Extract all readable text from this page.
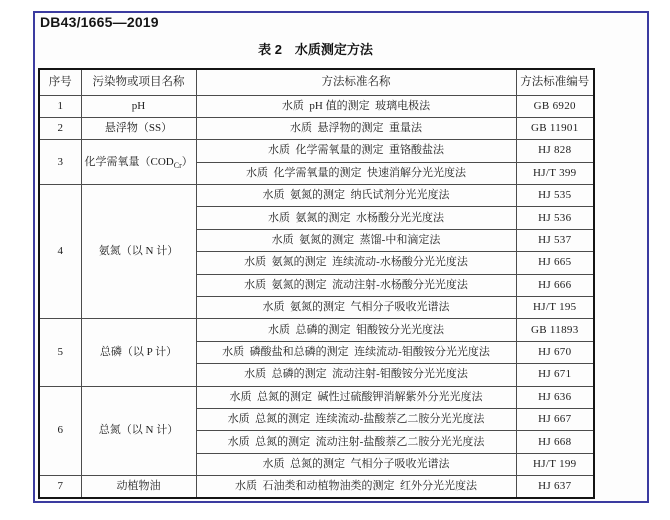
DB43/1665—2019
表 2　水质测定方法
序号	污染物或项目名称	方法标准名称	方法标准编号
1	pH	水质  pH 值的测定  玻璃电极法	GB 6920
2	悬浮物（SS）	水质  悬浮物的测定  重量法	GB 11901
3	化学需氧量$(COD_{Cr})$	水质  化学需氧量的测定  重铬酸盐法	HJ 828
		水质  化学需氧量的测定  快速消解分光光度法	HJ/T 399
4	氨氮（以 N 计）	水质  氨氮的测定  纳氏试剂分光光度法	HJ 535
		水质  氨氮的测定  水杨酸分光光度法	HJ 536
		水质  氨氮的测定  蒸馏-中和滴定法	HJ 537
		水质  氨氮的测定  连续流动-水杨酸分光光度法	HJ 665
		水质  氨氮的测定  流动注射-水杨酸分光光度法	HJ 666
		水质  氨氮的测定  气相分子吸收光谱法	HJ/T 195
5	总磷（以 P 计）	水质  总磷的测定  钼酸铵分光光度法	GB 11893
		水质  磷酸盐和总磷的测定  连续流动-钼酸铵分光光度法	HJ 670
		水质  总磷的测定  流动注射-钼酸铵分光光度法	HJ 671
6	总氮（以 N 计）	水质  总氮的测定  碱性过硫酸钾消解紫外分光光度法	HJ 636
		水质  总氮的测定  连续流动-盐酸萘乙二胺分光光度法	HJ 667
		水质  总氮的测定  流动注射-盐酸萘乙二胺分光光度法	HJ 668
		水质  总氮的测定  气相分子吸收光谱法	HJ/T 199
7	动植物油	水质  石油类和动植物油类的测定  红外分光光度法	HJ 637
